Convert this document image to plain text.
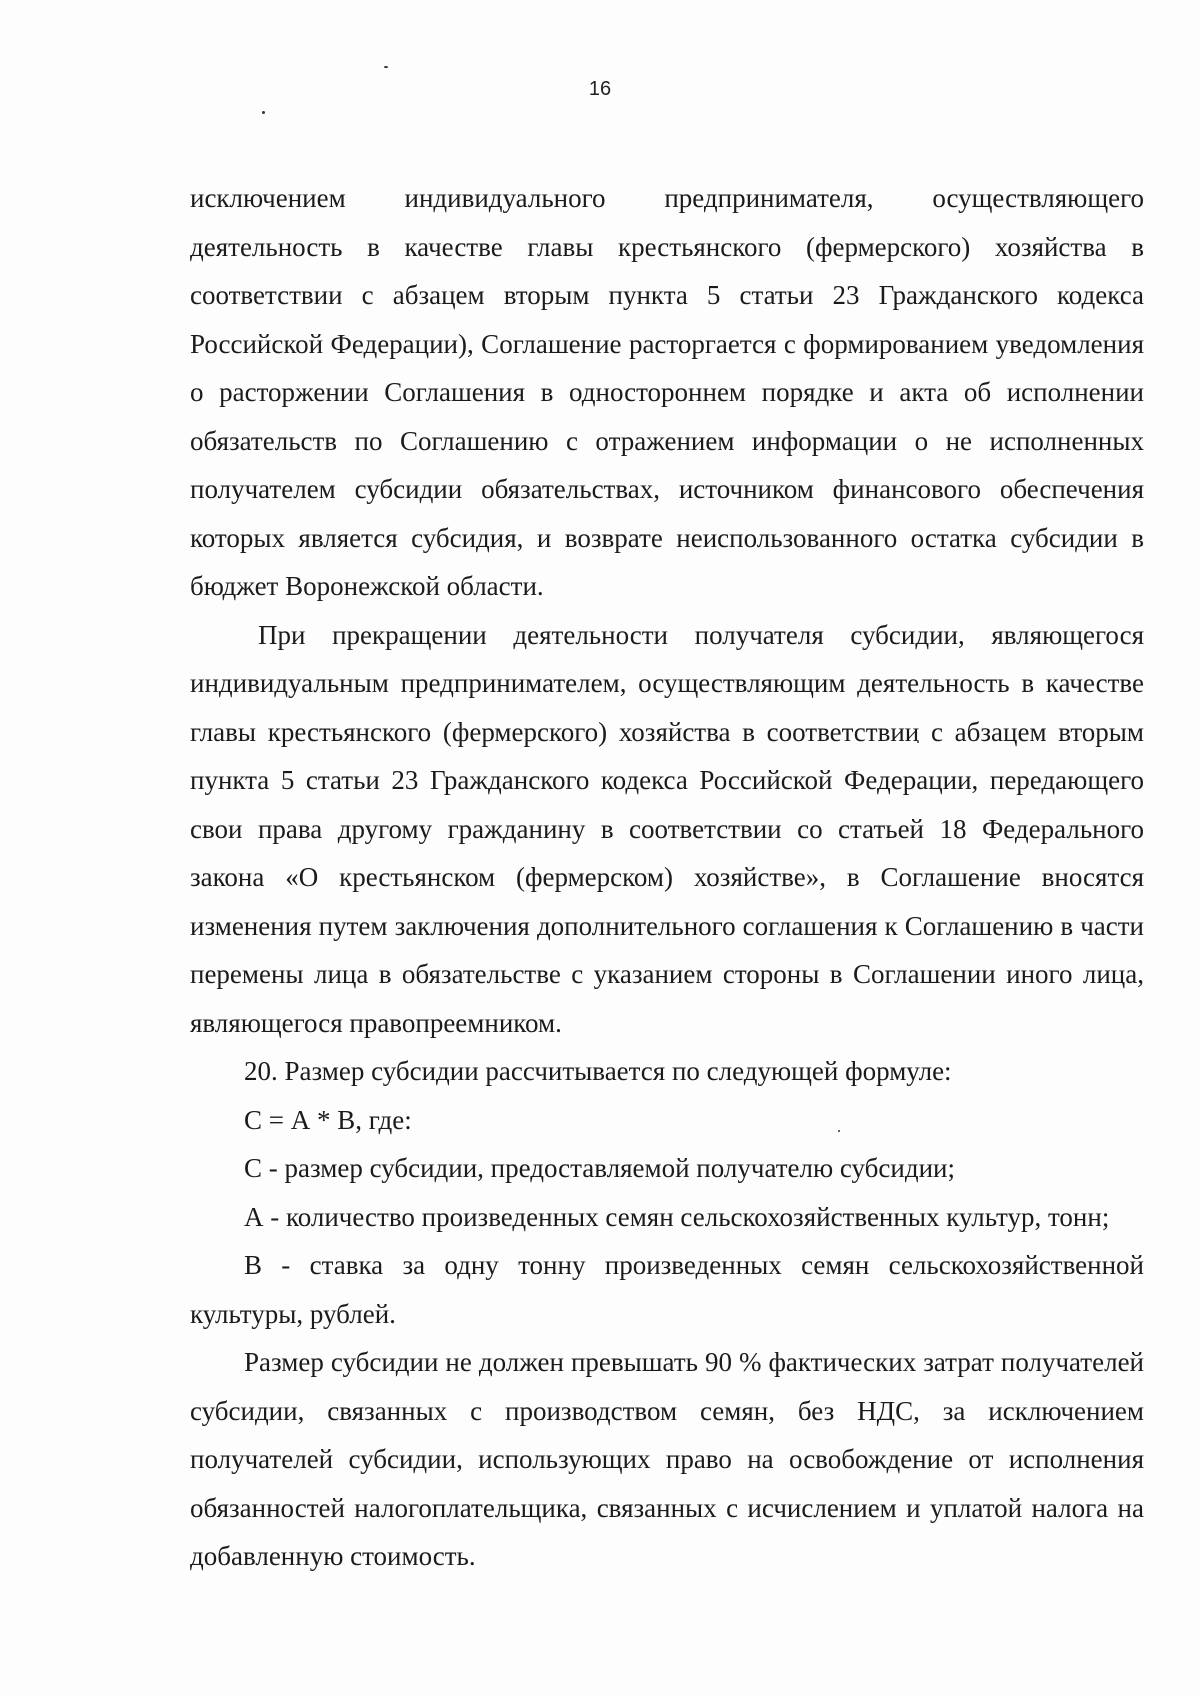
16

исключением индивидуального предпринимателя, осуществляющего деятельность в качестве главы крестьянского (фермерского) хозяйства в соответствии с абзацем вторым пункта 5 статьи 23 Гражданского кодекса Российской Федерации), Соглашение расторгается с формированием уведомления о расторжении Соглашения в одностороннем порядке и акта об исполнении обязательств по Соглашению с отражением информации о не исполненных получателем субсидии обязательствах, источником финансового обеспечения которых является субсидия, и возврате неиспользованного остатка субсидии в бюджет Воронежской области.

При прекращении деятельности получателя субсидии, являющегося индивидуальным предпринимателем, осуществляющим деятельность в качестве главы крестьянского (фермерского) хозяйства в соответствии с абзацем вторым пункта 5 статьи 23 Гражданского кодекса Российской Федерации, передающего свои права другому гражданину в соответствии со статьей 18 Федерального закона «О крестьянском (фермерском) хозяйстве», в Соглашение вносятся изменения путем заключения дополнительного соглашения к Соглашению в части перемены лица в обязательстве с указанием стороны в Соглашении иного лица, являющегося правопреемником.

20. Размер субсидии рассчитывается по следующей формуле:

С = А * В, где:

С - размер субсидии, предоставляемой получателю субсидии;

А - количество произведенных семян сельскохозяйственных культур, тонн;

В - ставка за одну тонну произведенных семян сельскохозяйственной культуры, рублей.

Размер субсидии не должен превышать 90 % фактических затрат получателей субсидии, связанных с производством семян, без НДС, за исключением получателей субсидии, использующих право на освобождение от исполнения обязанностей налогоплательщика, связанных с исчислением и уплатой налога на добавленную стоимость.
